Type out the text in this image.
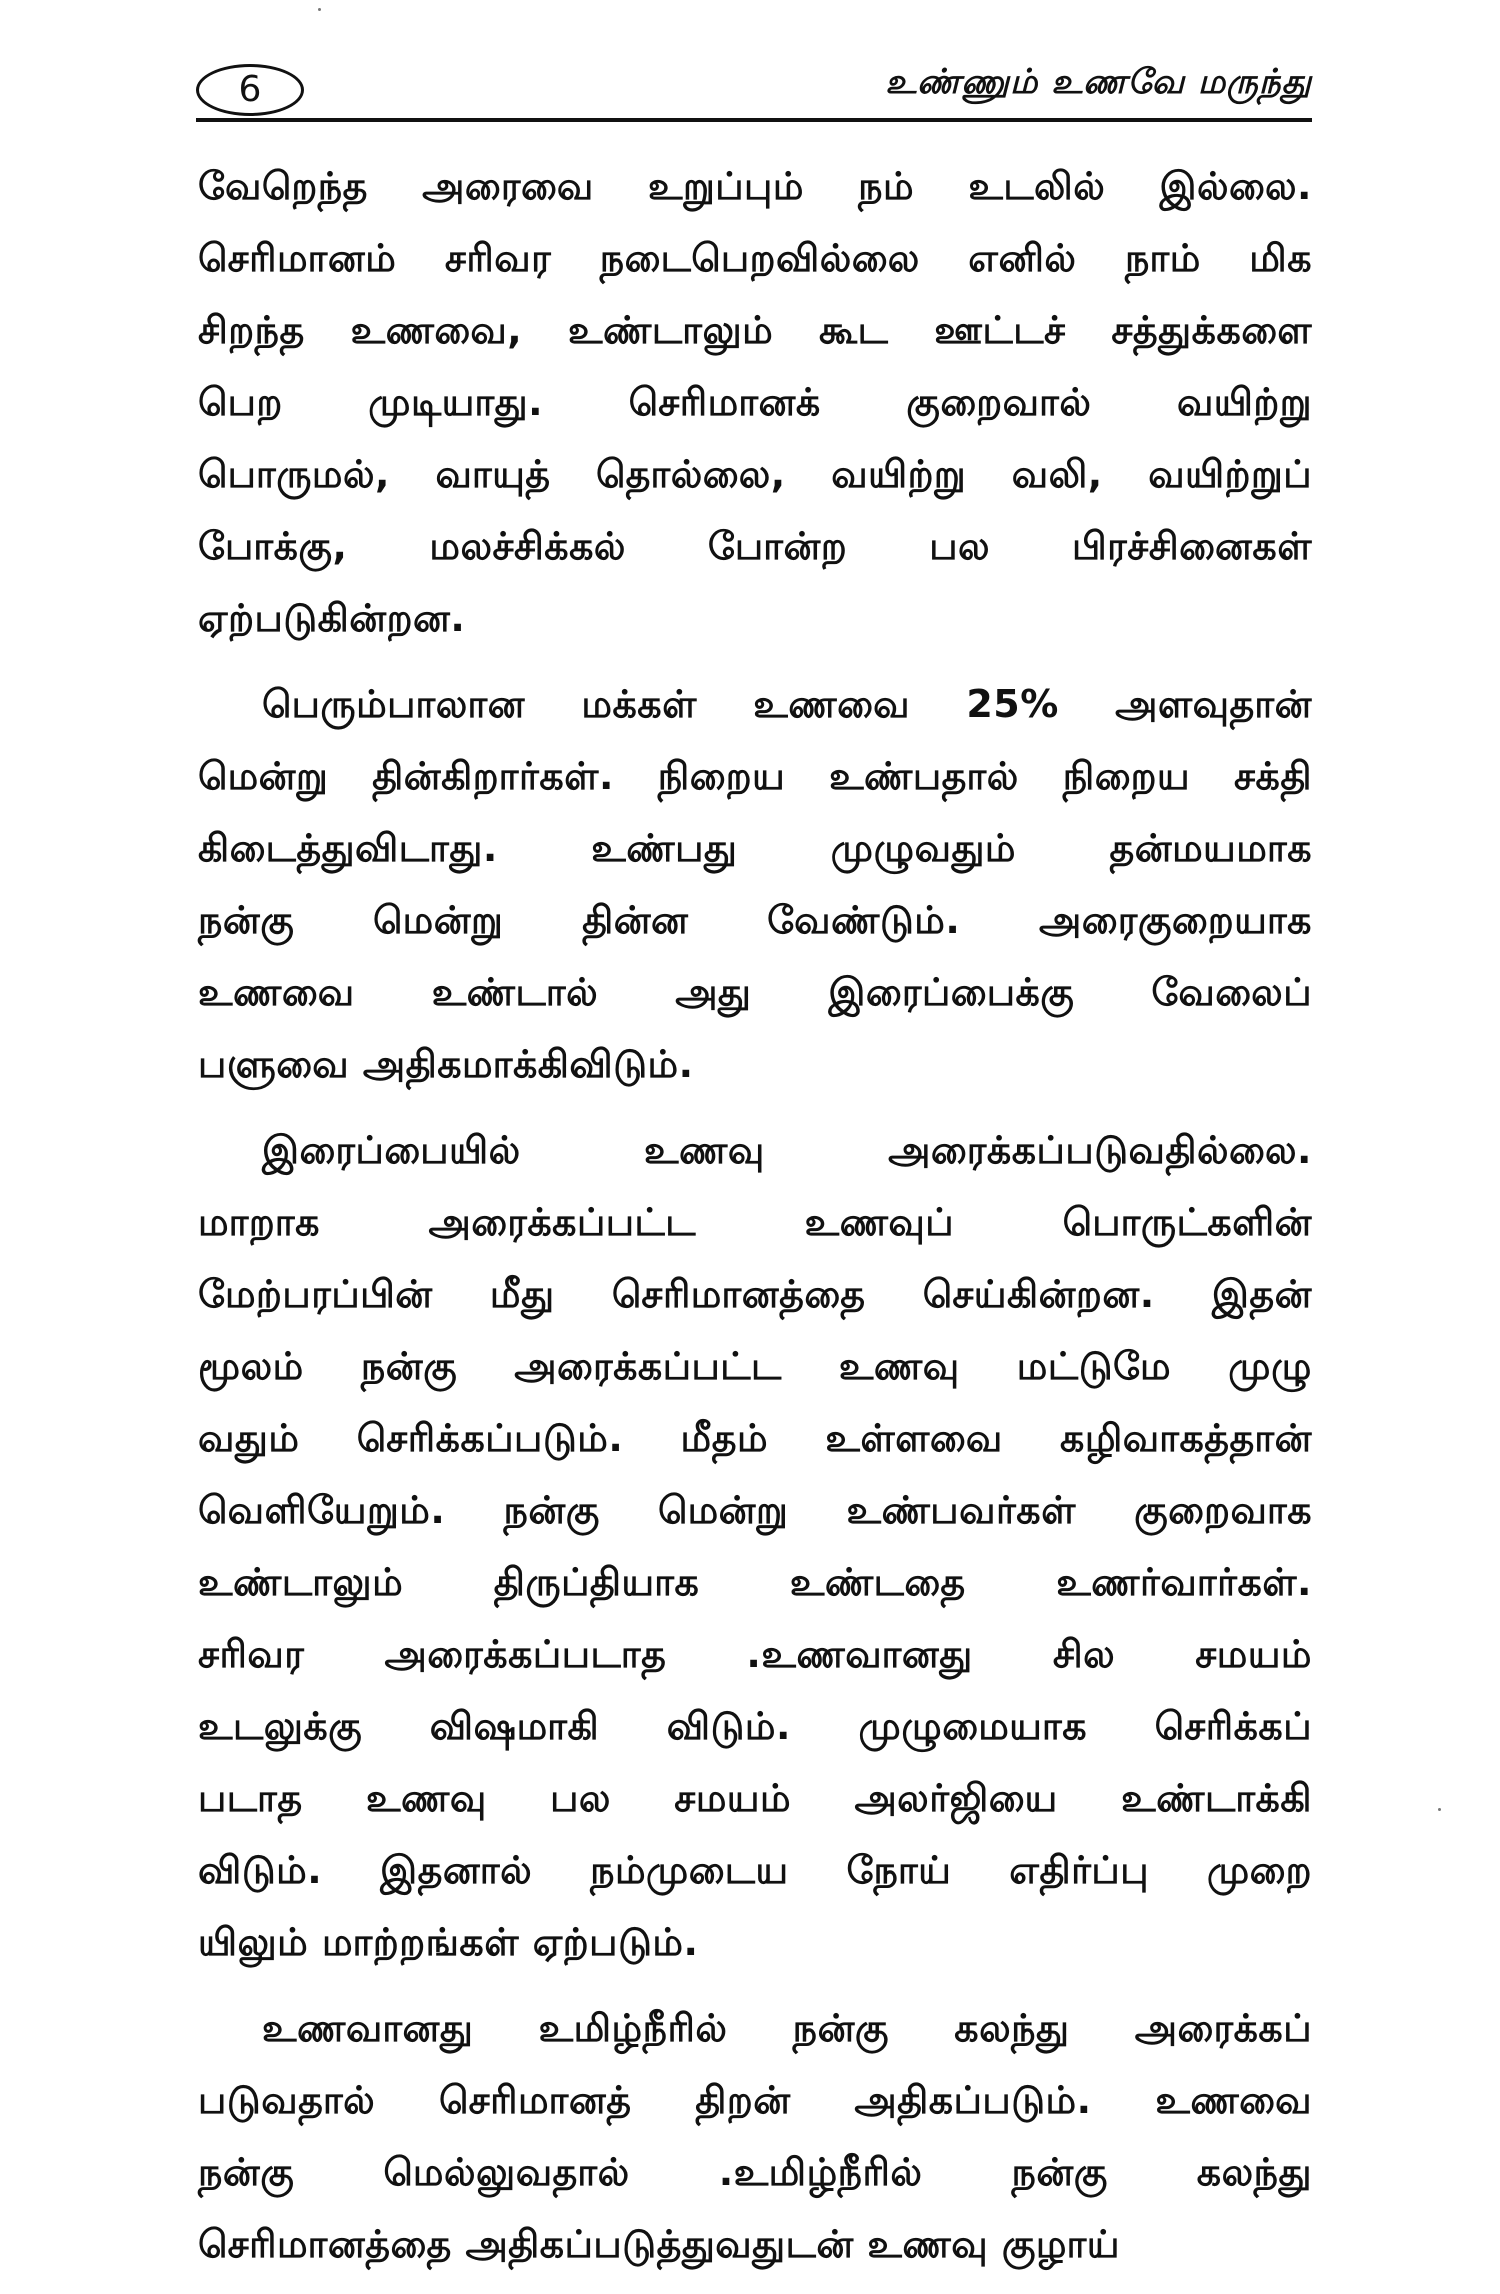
6	உண்ணும் உணவே மருந்து
வேறெந்த அரைவை உறுப்பும் நம் உடலில் இல்லை.
செரிமானம் சரிவர நடைபெறவில்லை எனில் நாம் மிக
சிறந்த உணவை, உண்டாலும் கூட ஊட்டச் சத்துக்களை
பெற முடியாது. செரிமானக் குறைவால் வயிற்று
பொருமல், வாயுத் தொல்லை, வயிற்று வலி, வயிற்றுப்
போக்கு, மலச்சிக்கல் போன்ற பல பிரச்சினைகள்
ஏற்படுகின்றன.
பெரும்பாலான மக்கள் உணவை 25% அளவுதான்
மென்று தின்கிறார்கள். நிறைய உண்பதால் நிறைய சக்தி
கிடைத்துவிடாது. உண்பது முழுவதும் தன்மயமாக
நன்கு மென்று தின்ன வேண்டும். அரைகுறையாக
உணவை உண்டால் அது இரைப்பைக்கு வேலைப்
பளுவை அதிகமாக்கிவிடும்.
இரைப்பையில் உணவு அரைக்கப்படுவதில்லை.
மாறாக அரைக்கப்பட்ட உணவுப் பொருட்களின்
மேற்பரப்பின் மீது செரிமானத்தை செய்கின்றன. இதன்
மூலம் நன்கு அரைக்கப்பட்ட உணவு மட்டுமே முழு
வதும் செரிக்கப்படும். மீதம் உள்ளவை கழிவாகத்தான்
வெளியேறும். நன்கு மென்று உண்பவர்கள் குறைவாக
உண்டாலும் திருப்தியாக உண்டதை உணர்வார்கள்.
சரிவர அரைக்கப்படாத .உணவானது சில சமயம்
உடலுக்கு விஷமாகி விடும். முழுமையாக செரிக்கப்
படாத உணவு பல சமயம் அலர்ஜியை உண்டாக்கி
விடும். இதனால் நம்முடைய நோய் எதிர்ப்பு முறை
யிலும் மாற்றங்கள் ஏற்படும்.
உணவானது உமிழ்நீரில் நன்கு கலந்து அரைக்கப்
படுவதால் செரிமானத் திறன் அதிகப்படும். உணவை
நன்கு மெல்லுவதால் .உமிழ்நீரில் நன்கு கலந்து
செரிமானத்தை அதிகப்படுத்துவதுடன் உணவு குழாய்
